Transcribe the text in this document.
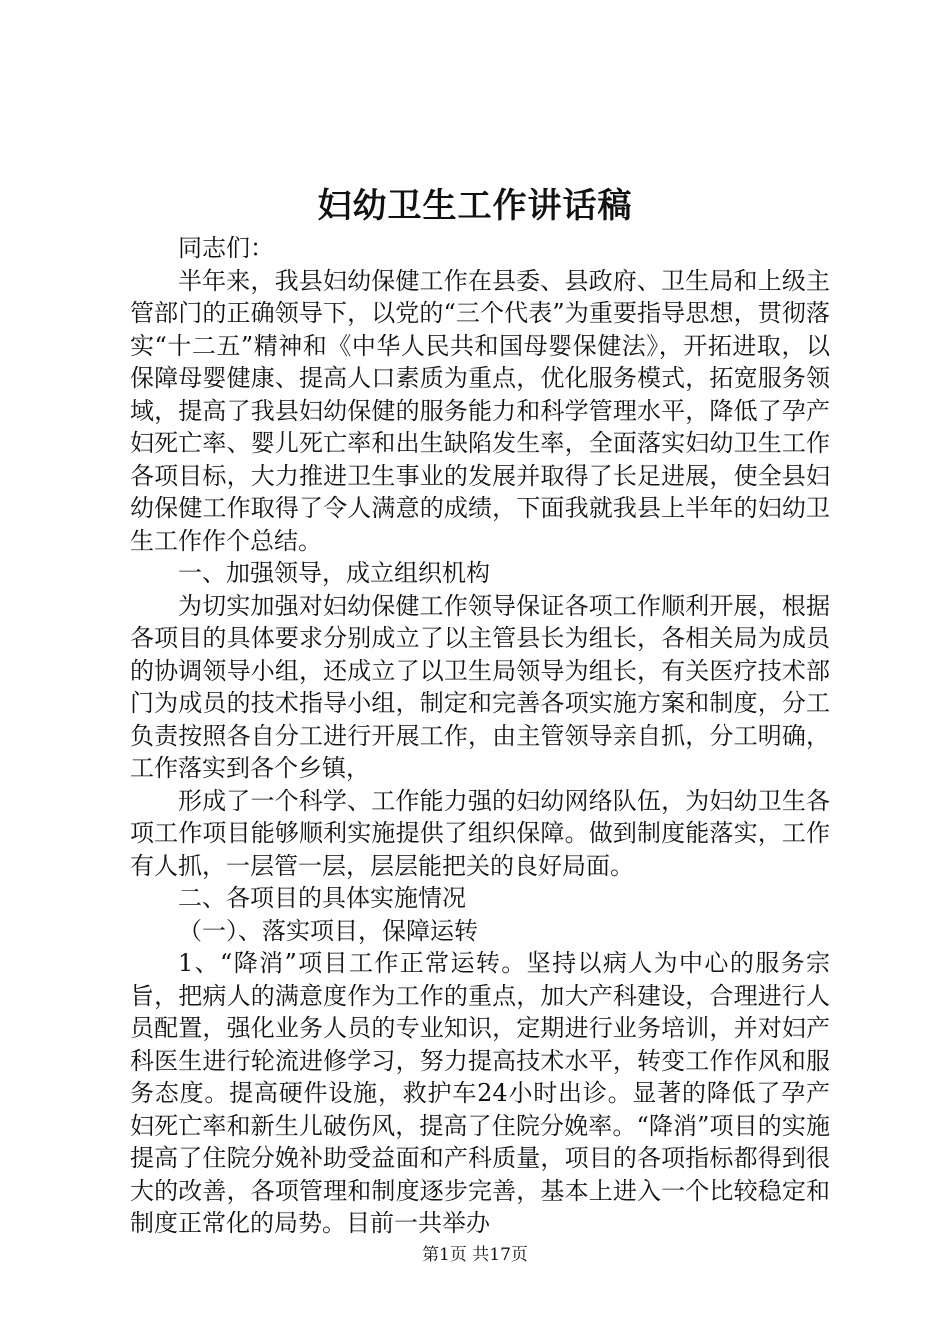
妇幼卫生工作讲话稿

同志们：

半年来，我县妇幼保健工作在县委、县政府、卫生局和上级主管部门的正确领导下，以党的“三个代表”为重要指导思想，贯彻落实“十二五”精神和《中华人民共和国母婴保健法》，开拓进取，以保障母婴健康、提高人口素质为重点，优化服务模式，拓宽服务领域，提高了我县妇幼保健的服务能力和科学管理水平，降低了孕产妇死亡率、婴儿死亡率和出生缺陷发生率，全面落实妇幼卫生工作各项目标，大力推进卫生事业的发展并取得了长足进展，使全县妇幼保健工作取得了令人满意的成绩，下面我就我县上半年的妇幼卫生工作作个总结。

一、加强领导，成立组织机构

为切实加强对妇幼保健工作领导保证各项工作顺利开展，根据各项目的具体要求分别成立了以主管县长为组长，各相关局为成员的协调领导小组，还成立了以卫生局领导为组长，有关医疗技术部门为成员的技术指导小组，制定和完善各项实施方案和制度，分工负责按照各自分工进行开展工作，由主管领导亲自抓，分工明确，工作落实到各个乡镇，

形成了一个科学、工作能力强的妇幼网络队伍，为妇幼卫生各项工作项目能够顺利实施提供了组织保障。做到制度能落实，工作有人抓，一层管一层，层层能把关的良好局面。

二、各项目的具体实施情况

（一）、落实项目，保障运转

1、“降消”项目工作正常运转。坚持以病人为中心的服务宗旨，把病人的满意度作为工作的重点，加大产科建设，合理进行人员配置，强化业务人员的专业知识，定期进行业务培训，并对妇产科医生进行轮流进修学习，努力提高技术水平，转变工作作风和服务态度。提高硬件设施，救护车24小时出诊。显著的降低了孕产妇死亡率和新生儿破伤风，提高了住院分娩率。“降消”项目的实施提高了住院分娩补助受益面和产科质量，项目的各项指标都得到很大的改善，各项管理和制度逐步完善，基本上进入一个比较稳定和制度正常化的局势。目前一共举办

第1页 共17页
